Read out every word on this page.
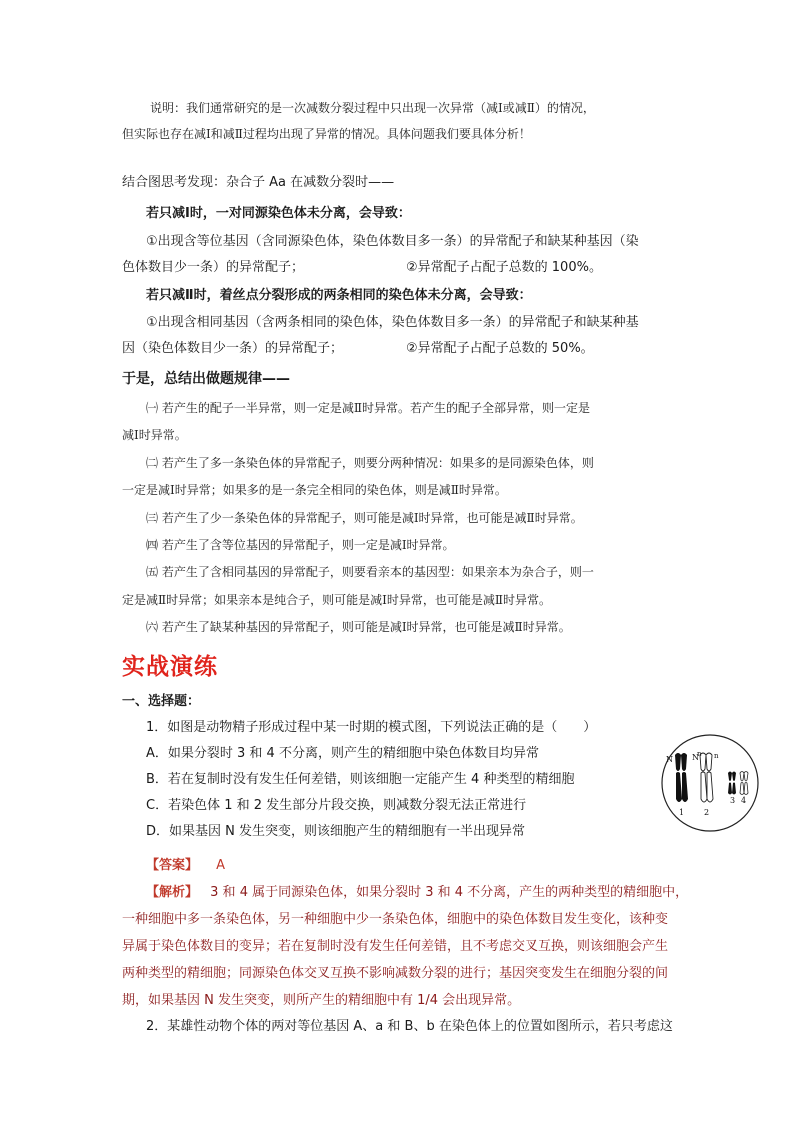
说明：我们通常研究的是一次减数分裂过程中只出现一次异常（减Ⅰ或减Ⅱ）的情况，
但实际也存在减Ⅰ和减Ⅱ过程均出现了异常的情况。具体问题我们要具体分析！
结合图思考发现：杂合子 Aa 在减数分裂时——
若只减Ⅰ时，一对同源染色体未分离，会导致：
①出现含等位基因（含同源染色体，染色体数目多一条）的异常配子和缺某种基因（染
色体数目少一条）的异常配子；	②异常配子占配子总数的 100%。
若只减Ⅱ时，着丝点分裂形成的两条相同的染色体未分离，会导致：
①出现含相同基因（含两条相同的染色体，染色体数目多一条）的异常配子和缺某种基
因（染色体数目少一条）的异常配子；	②异常配子占配子总数的 50%。
于是，总结出做题规律——
㈠ 若产生的配子一半异常，则一定是减Ⅱ时异常。若产生的配子全部异常，则一定是
减Ⅰ时异常。
㈡ 若产生了多一条染色体的异常配子，则要分两种情况：如果多的是同源染色体，则
一定是减Ⅰ时异常；如果多的是一条完全相同的染色体，则是减Ⅱ时异常。
㈢ 若产生了少一条染色体的异常配子，则可能是减Ⅰ时异常，也可能是减Ⅱ时异常。
㈣ 若产生了含等位基因的异常配子，则一定是减Ⅰ时异常。
㈤ 若产生了含相同基因的异常配子，则要看亲本的基因型：如果亲本为杂合子，则一
定是减Ⅱ时异常；如果亲本是纯合子，则可能是减Ⅰ时异常，也可能是减Ⅱ时异常。
㈥ 若产生了缺某种基因的异常配子，则可能是减Ⅰ时异常，也可能是减Ⅱ时异常。
实战演练
一、选择题：
1．如图是动物精子形成过程中某一时期的模式图，下列说法正确的是（　　）
A．如果分裂时 3 和 4 不分离，则产生的精细胞中染色体数目均异常
B．若在复制时没有发生任何差错，则该细胞一定能产生 4 种类型的精细胞
C．若染色体 1 和 2 发生部分片段交换，则减数分裂无法正常进行
D．如果基因 N 发生突变，则该细胞产生的精细胞有一半出现异常
【答案】 A
【解析】 3 和 4 属于同源染色体，如果分裂时 3 和 4 不分离，产生的两种类型的精细胞中，
一种细胞中多一条染色体，另一种细胞中少一条染色体，细胞中的染色体数目发生变化，该种变
异属于染色体数目的变异；若在复制时没有发生任何差错，且不考虑交叉互换，则该细胞会产生
两种类型的精细胞；同源染色体交叉互换不影响减数分裂的进行；基因突变发生在细胞分裂的间
期，如果基因 N 发生突变，则所产生的精细胞中有 1/4 会出现异常。
2．某雄性动物个体的两对等位基因 A、a 和 B、b 在染色体上的位置如图所示，若只考虑这
N N
n n
1 2
3 4
